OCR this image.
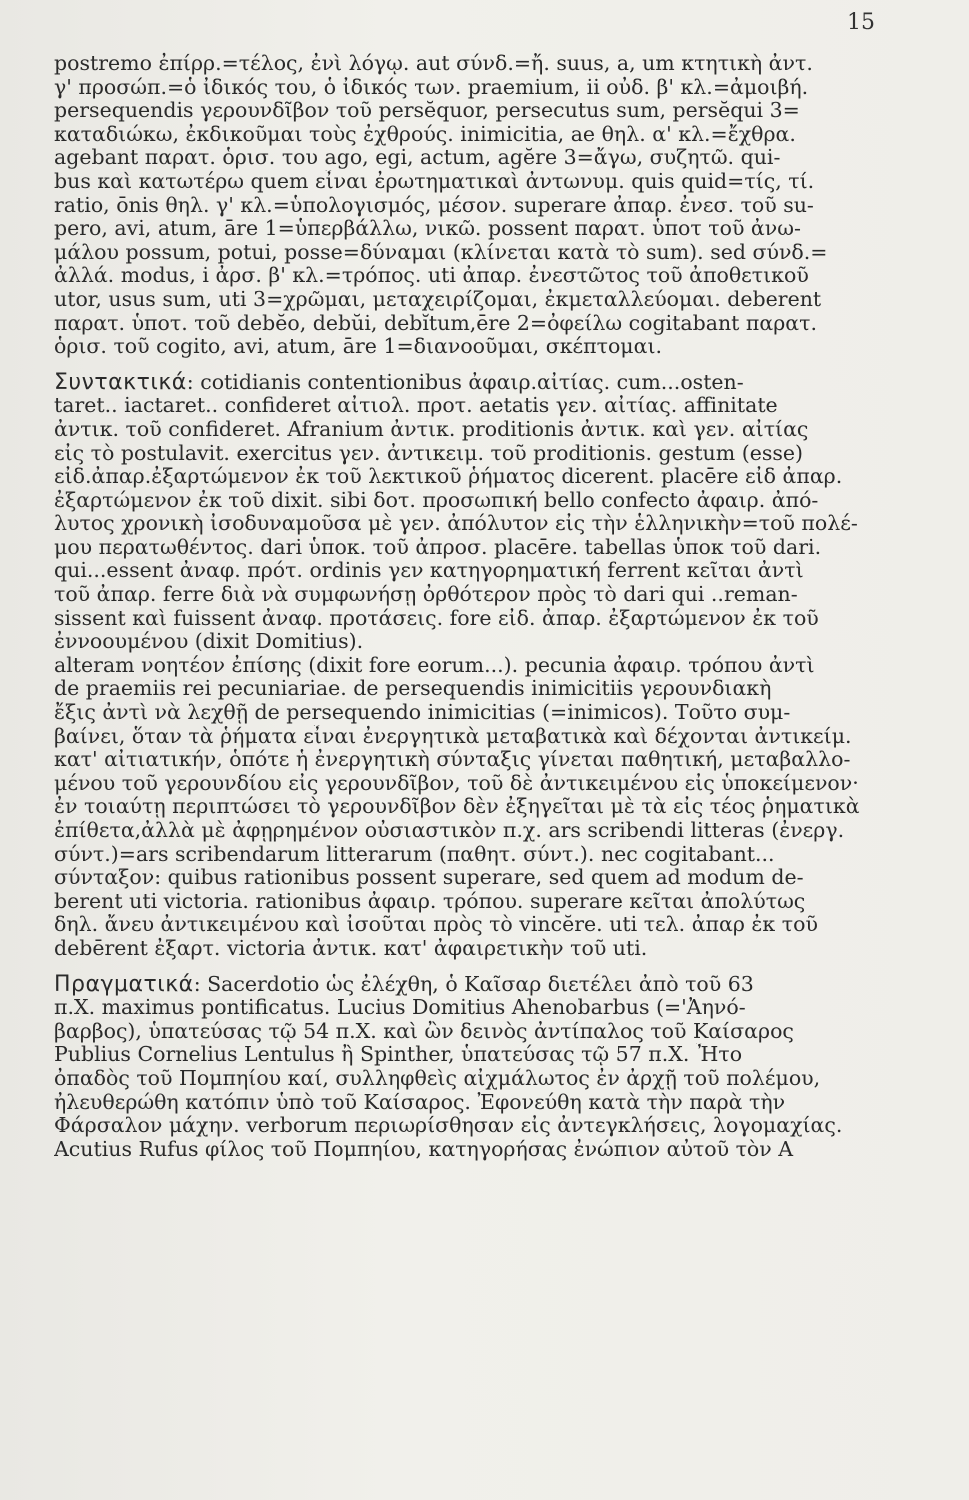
15
postremo ἐπίρρ.=τέλος, ἐνὶ λόγῳ. aut σύνδ.=ἤ. suus, a, um κτητικὴ ἀντ.
γ' προσώπ.=ὁ ἰδικός του, ὁ ἰδικός των. praemium, ii οὐδ. β' κλ.=ἀμοιβή.
persequendis γερουνδῖβον τοῦ persĕquor, persecutus sum, persĕqui 3=
καταδιώκω, ἐκδικοῦμαι τοὺς ἐχθρούς. inimicitia, ae θηλ. α' κλ.=ἔχθρα.
agebant παρατ. ὁρισ. του ago, egi, actum, agĕre 3=ἄγω, συζητῶ. qui-
bus καὶ κατωτέρω quem εἶναι ἐρωτηματικαὶ ἀντωνυμ. quis quid=τίς, τί.
ratio, ōnis θηλ. γ' κλ.=ὑπολογισμός, μέσον. superare ἀπαρ. ἐνεσ. τοῦ su-
pero, avi, atum, āre 1=ὑπερβάλλω, νικῶ. possent παρατ. ὑποτ τοῦ ἀνω-
μάλου possum, potui, posse=δύναμαι (κλίνεται κατὰ τὸ sum). sed σύνδ.=
ἀλλά. modus, i ἀρσ. β' κλ.=τρόπος. uti ἀπαρ. ἐνεστῶτος τοῦ ἀποθετικοῦ
utor, usus sum, uti 3=χρῶμαι, μεταχειρίζομαι, ἐκμεταλλεύομαι. deberent
παρατ. ὑποτ. τοῦ debĕo, debŭi, debĭtum,ēre 2=ὀφείλω cogitabant παρατ.
ὁρισ. τοῦ cogito, avi, atum, āre 1=διανοοῦμαι, σκέπτομαι.
Συντακτικά: cotidianis contentionibus ἀφαιρ.αἰτίας. cum...osten-
taret.. iactaret.. confideret αἰτιολ. προτ. aetatis γεν. αἰτίας. affinitate
ἀντικ. τοῦ confideret. Afranium ἀντικ. proditionis ἀντικ. καὶ γεν. αἰτίας
εἰς τὸ postulavit. exercitus γεν. ἀντικειμ. τοῦ proditionis. gestum (esse)
εἰδ.ἀπαρ.ἐξαρτώμενον ἐκ τοῦ λεκτικοῦ ῥήματος dicerent. placēre εἰδ ἀπαρ.
ἐξαρτώμενον ἐκ τοῦ dixit. sibi δοτ. προσωπική bello confecto ἀφαιρ. ἀπό-
λυτος χρονικὴ ἰσοδυναμοῦσα μὲ γεν. ἀπόλυτον εἰς τὴν ἑλληνικὴν=τοῦ πολέ-
μου περατωθέντος. dari ὑποκ. τοῦ ἀπροσ. placēre. tabellas ὑποκ τοῦ dari.
qui...essent ἀναφ. πρότ. ordinis γεν κατηγορηματική ferrent κεῖται ἀντὶ
τοῦ ἀπαρ. ferre διὰ νὰ συμφωνήσῃ ὀρθότερον πρὸς τὸ dari qui ..reman-
sissent καὶ fuissent ἀναφ. προτάσεις. fore εἰδ. ἀπαρ. ἐξαρτώμενον ἐκ τοῦ
ἐννοουμένου (dixit Domitius).
alteram νοητέον ἐπίσης (dixit fore eorum...). pecunia ἀφαιρ. τρόπου ἀντὶ
de praemiis rei pecuniariae. de persequendis inimicitiis γερουνδιακὴ
ἔξις ἀντὶ νὰ λεχθῇ de persequendo inimicitias (=inimicos). Τοῦτο συμ-
βαίνει, ὅταν τὰ ῥήματα εἶναι ἐνεργητικὰ μεταβατικὰ καὶ δέχονται ἀντικείμ.
κατ' αἰτιατικήν, ὁπότε ἡ ἐνεργητικὴ σύνταξις γίνεται παθητική, μεταβαλλο-
μένου τοῦ γερουνδίου εἰς γερουνδῖβον, τοῦ δὲ ἀντικειμένου εἰς ὑποκείμενον·
ἐν τοιαύτῃ περιπτώσει τὸ γερουνδῖβον δὲν ἐξηγεῖται μὲ τὰ εἰς τέος ῥηματικὰ
ἐπίθετα,ἀλλὰ μὲ ἀφῃρημένον οὐσιαστικὸν π.χ. ars scribendi litteras (ἐνεργ.
σύντ.)=ars scribendarum litterarum (παθητ. σύντ.). nec cogitabant...
σύνταξον: quibus rationibus possent superare, sed quem ad modum de-
berent uti victoria. rationibus ἀφαιρ. τρόπου. superare κεῖται ἀπολύτως
δηλ. ἄνευ ἀντικειμένου καὶ ἰσοῦται πρὸς τὸ vincĕre. uti τελ. ἀπαρ ἐκ τοῦ
debērent ἐξαρτ. victoria ἀντικ. κατ' ἀφαιρετικὴν τοῦ uti.
Πραγματικά: Sacerdotio ὡς ἐλέχθη, ὁ Καῖσαρ διετέλει ἀπὸ τοῦ 63
π.Χ. maximus pontificatus. Lucius Domitius Ahenobarbus (='Ἀηνό-
βαρβος), ὑπατεύσας τῷ 54 π.Χ. καὶ ὢν δεινὸς ἀντίπαλος τοῦ Καίσαρος
Publius Cornelius Lentulus ἢ Spinther, ὑπατεύσας τῷ 57 π.Χ. Ἦτο
ὀπαδὸς τοῦ Πομπηίου καί, συλληφθεὶς αἰχμάλωτος ἐν ἀρχῇ τοῦ πολέμου,
ἠλευθερώθη κατόπιν ὑπὸ τοῦ Καίσαρος. Ἐφονεύθη κατὰ τὴν παρὰ τὴν
Φάρσαλον μάχην. verborum περιωρίσθησαν εἰς ἀντεγκλήσεις, λογομαχίας.
Acutius Rufus φίλος τοῦ Πομπηίου, κατηγορήσας ἐνώπιον αὐτοῦ τὸν Α
